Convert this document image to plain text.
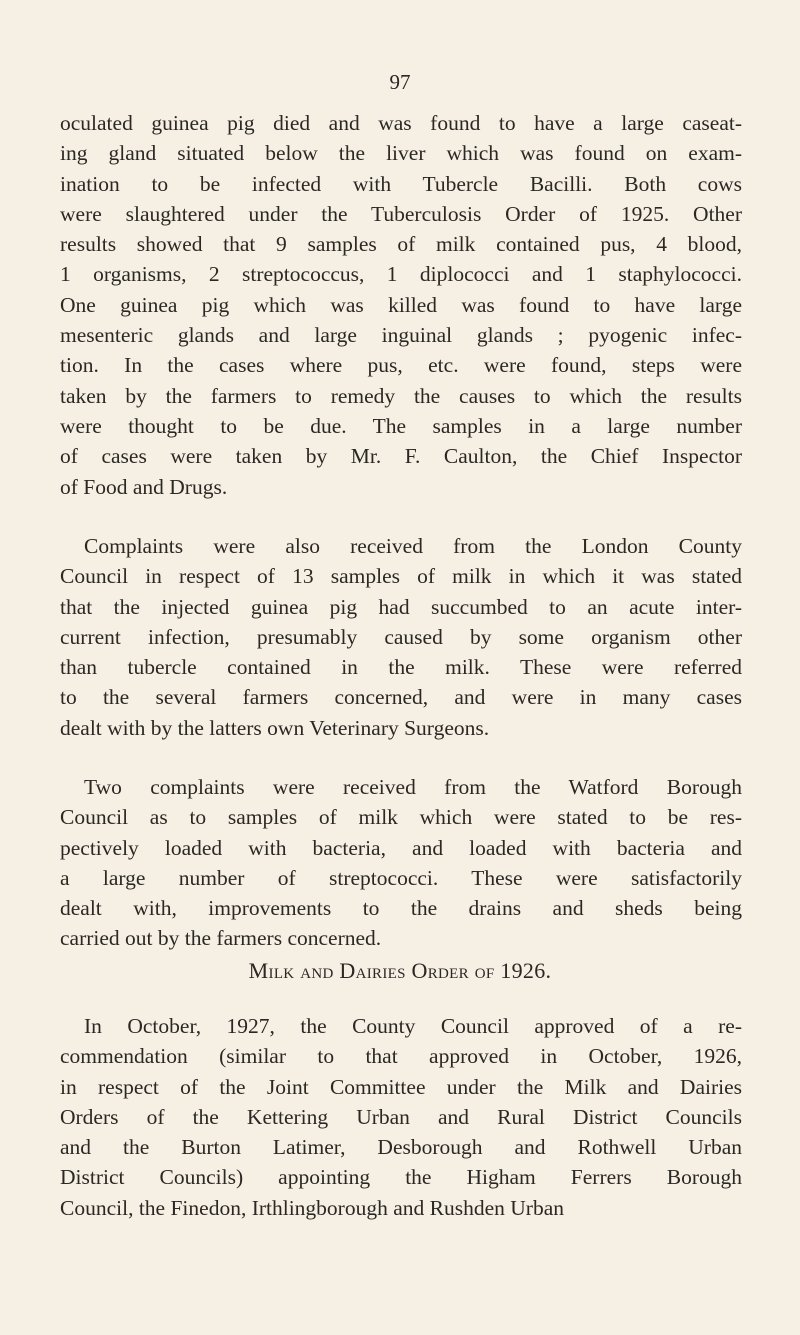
97
oculated guinea pig died and was found to have a large caseat-
ing gland situated below the liver which was found on exam-
ination to be infected with Tubercle Bacilli. Both cows
were slaughtered under the Tuberculosis Order of 1925. Other
results showed that 9 samples of milk contained pus, 4 blood,
1 organisms, 2 streptococcus, 1 diplococci and 1 staphylococci.
One guinea pig which was killed was found to have large
mesenteric glands and large inguinal glands ; pyogenic infec-
tion. In the cases where pus, etc. were found, steps were
taken by the farmers to remedy the causes to which the results
were thought to be due. The samples in a large number
of cases were taken by Mr. F. Caulton, the Chief Inspector
of Food and Drugs.
Complaints were also received from the London County
Council in respect of 13 samples of milk in which it was stated
that the injected guinea pig had succumbed to an acute inter-
current infection, presumably caused by some organism other
than tubercle contained in the milk. These were referred
to the several farmers concerned, and were in many cases
dealt with by the latters own Veterinary Surgeons.
Two complaints were received from the Watford Borough
Council as to samples of milk which were stated to be res-
pectively loaded with bacteria, and loaded with bacteria and
a large number of streptococci. These were satisfactorily
dealt with, improvements to the drains and sheds being
carried out by the farmers concerned.
Milk and Dairies Order of 1926.
In October, 1927, the County Council approved of a re-
commendation (similar to that approved in October, 1926,
in respect of the Joint Committee under the Milk and Dairies
Orders of the Kettering Urban and Rural District Councils
and the Burton Latimer, Desborough and Rothwell Urban
District Councils) appointing the Higham Ferrers Borough
Council, the Finedon, Irthlingborough and Rushden Urban
